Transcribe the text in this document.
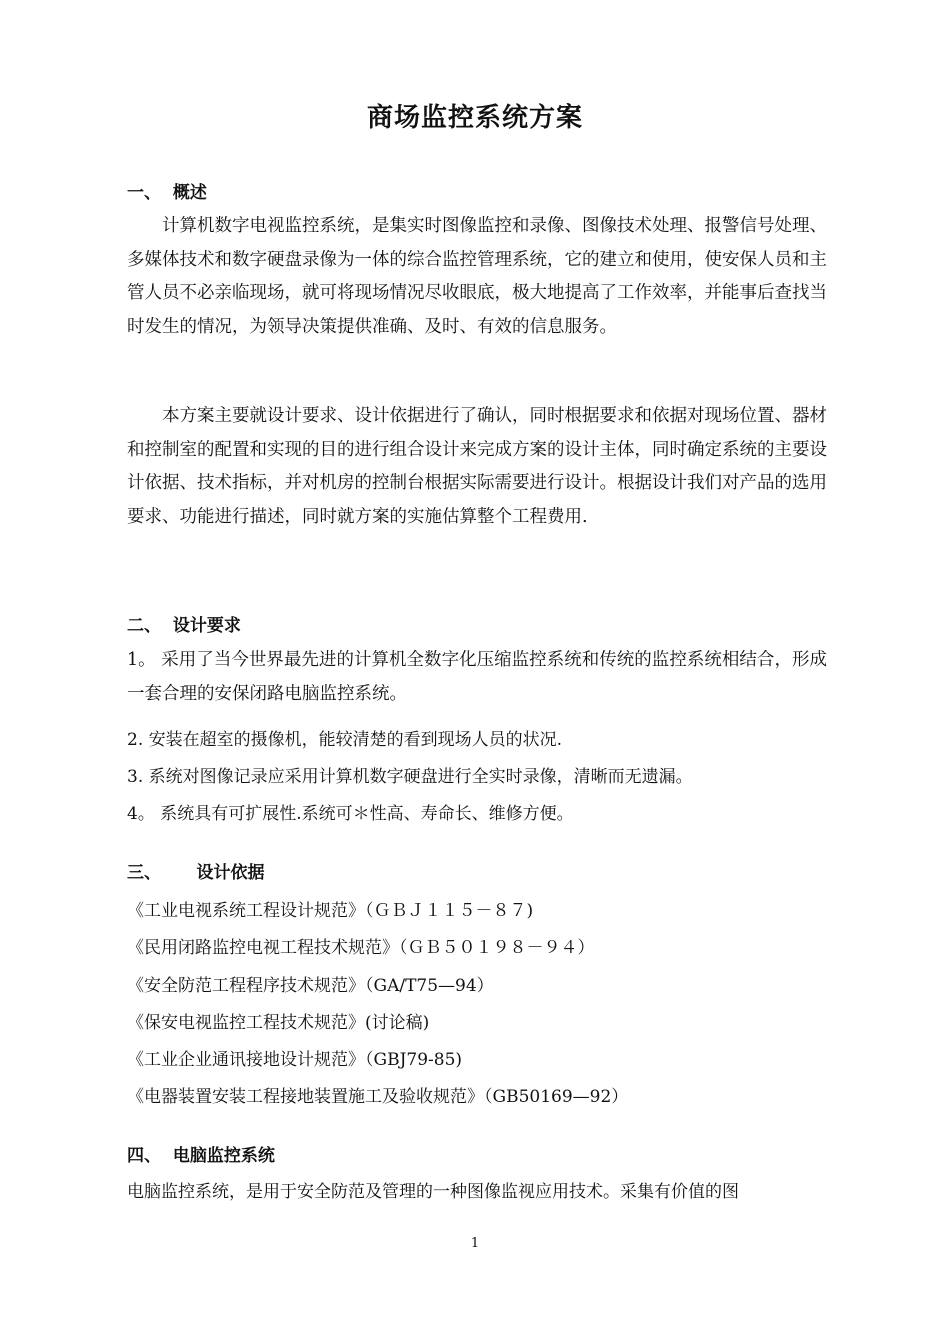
商场监控系统方案
一、  概述

计算机数字电视监控系统，是集实时图像监控和录像、图像技术处理、报警信号处理、多媒体技术和数字硬盘录像为一体的综合监控管理系统，它的建立和使用，使安保人员和主管人员不必亲临现场，就可将现场情况尽收眼底，极大地提高了工作效率，并能事后查找当时发生的情况，为领导决策提供准确、及时、有效的信息服务。

本方案主要就设计要求、设计依据进行了确认，同时根据要求和依据对现场位置、器材和控制室的配置和实现的目的进行组合设计来完成方案的设计主体，同时确定系统的主要设计依据、技术指标，并对机房的控制台根据实际需要进行设计。根据设计我们对产品的选用要求、功能进行描述，同时就方案的实施估算整个工程费用.

二、  设计要求

1。 采用了当今世界最先进的计算机全数字化压缩监控系统和传统的监控系统相结合，形成一套合理的安保闭路电脑监控系统。

2. 安装在超室的摄像机，能较清楚的看到现场人员的状况.
3. 系统对图像记录应采用计算机数字硬盘进行全实时录像，清晰而无遗漏。
4。 系统具有可扩展性.系统可＊性高、寿命长、维修方便。
三、      设计依据
《工业电视系统工程设计规范》（ＧＢＪ１１５－８７)
《民用闭路监控电视工程技术规范》（ＧＢ５０１９８－９４）
《安全防范工程程序技术规范》（GA/T75—94）
《保安电视监控工程技术规范》(讨论稿)
《工业企业通讯接地设计规范》（GBJ79-85)
《电器装置安装工程接地装置施工及验收规范》（GB50169—92）
四、  电脑监控系统
电脑监控系统，是用于安全防范及管理的一种图像监视应用技术。采集有价值的图
1
